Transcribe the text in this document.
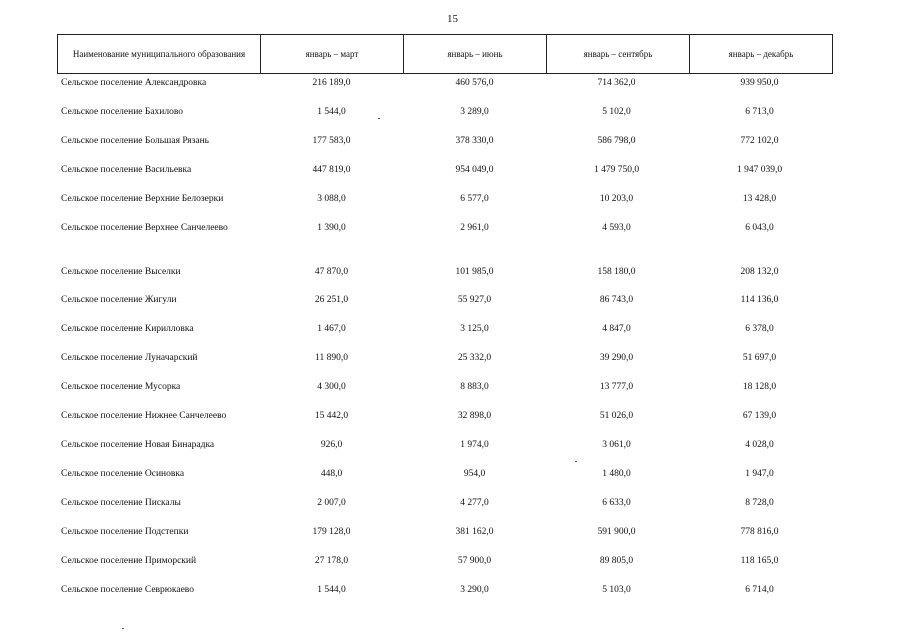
15
Наименование муниципального образования	январь – март	январь – июнь	январь – сентябрь	январь – декабрь
Сельское поселение Александровка	216 189,0	460 576,0	714 362,0	939 950,0
Сельское поселение Бахилово	1 544,0	3 289,0	5 102,0	6 713,0
Сельское поселение Большая Рязань	177 583,0	378 330,0	586 798,0	772 102,0
Сельское поселение Васильевка	447 819,0	954 049,0	1 479 750,0	1 947 039,0
Сельское поселение Верхние Белозерки	3 088,0	6 577,0	10 203,0	13 428,0
Сельское поселение Верхнее Санчелеево	1 390,0	2 961,0	4 593,0	6 043,0
Сельское поселение Выселки	47 870,0	101 985,0	158 180,0	208 132,0
Сельское поселение Жигули	26 251,0	55 927,0	86 743,0	114 136,0
Сельское поселение Кирилловка	1 467,0	3 125,0	4 847,0	6 378,0
Сельское поселение Луначарский	11 890,0	25 332,0	39 290,0	51 697,0
Сельское поселение Мусорка	4 300,0	8 883,0	13 777,0	18 128,0
Сельское поселение Нижнее Санчелеево	15 442,0	32 898,0	51 026,0	67 139,0
Сельское поселение Новая Бинарадка	926,0	1 974,0	3 061,0	4 028,0
Сельское поселение Осиновка	448,0	954,0	1 480,0	1 947,0
Сельское поселение Пискалы	2 007,0	4 277,0	6 633,0	8 728,0
Сельское поселение Подстепки	179 128,0	381 162,0	591 900,0	778 816,0
Сельское поселение Приморский	27 178,0	57 900,0	89 805,0	118 165,0
Сельское поселение Севрюкаево	1 544,0	3 290,0	5 103,0	6 714,0
